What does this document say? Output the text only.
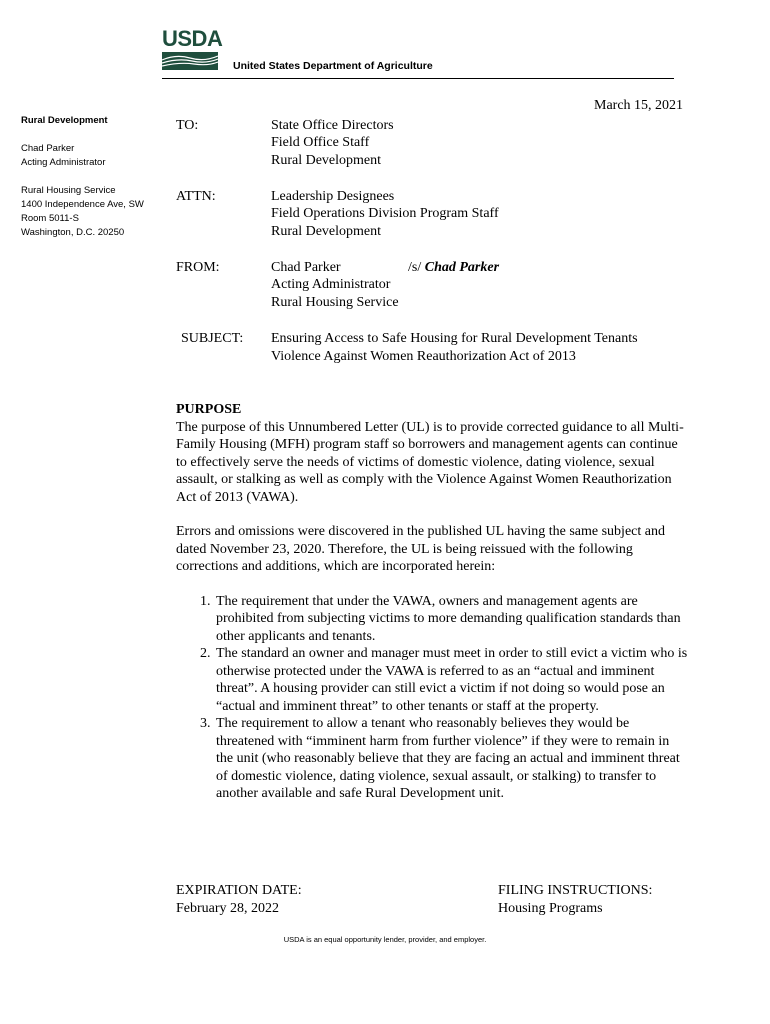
USDA
United States Department of Agriculture
Rural Development
Chad Parker
Acting Administrator
Rural Housing Service
1400 Independence Ave, SW
Room 5011-S
Washington, D.C. 20250
March 15, 2021
TO:	State Office Directors
Field Office Staff
Rural Development
ATTN:	Leadership Designees
Field Operations Division Program Staff
Rural Development
FROM:	Chad Parker	/s/ Chad Parker
Acting Administrator
Rural Housing Service
SUBJECT: Ensuring Access to Safe Housing for Rural Development Tenants
Violence Against Women Reauthorization Act of 2013

PURPOSE

The purpose of this Unnumbered Letter (UL) is to provide corrected guidance to all Multi-Family Housing (MFH) program staff so borrowers and management agents can continue to effectively serve the needs of victims of domestic violence, dating violence, sexual assault, or stalking as well as comply with the Violence Against Women Reauthorization Act of 2013 (VAWA).

Errors and omissions were discovered in the published UL having the same subject and dated November 23, 2020. Therefore, the UL is being reissued with the following corrections and additions, which are incorporated herein:

1. The requirement that under the VAWA, owners and management agents are prohibited from subjecting victims to more demanding qualification standards than other applicants and tenants.
2. The standard an owner and manager must meet in order to still evict a victim who is otherwise protected under the VAWA is referred to as an “actual and imminent threat”. A housing provider can still evict a victim if not doing so would pose an “actual and imminent threat” to other tenants or staff at the property.
3. The requirement to allow a tenant who reasonably believes they would be threatened with “imminent harm from further violence” if they were to remain in the unit (who reasonably believe that they are facing an actual and imminent threat of domestic violence, dating violence, sexual assault, or stalking) to transfer to another available and safe Rural Development unit.
EXPIRATION DATE:
February 28, 2022
FILING INSTRUCTIONS:
Housing Programs
USDA is an equal opportunity lender, provider, and employer.
